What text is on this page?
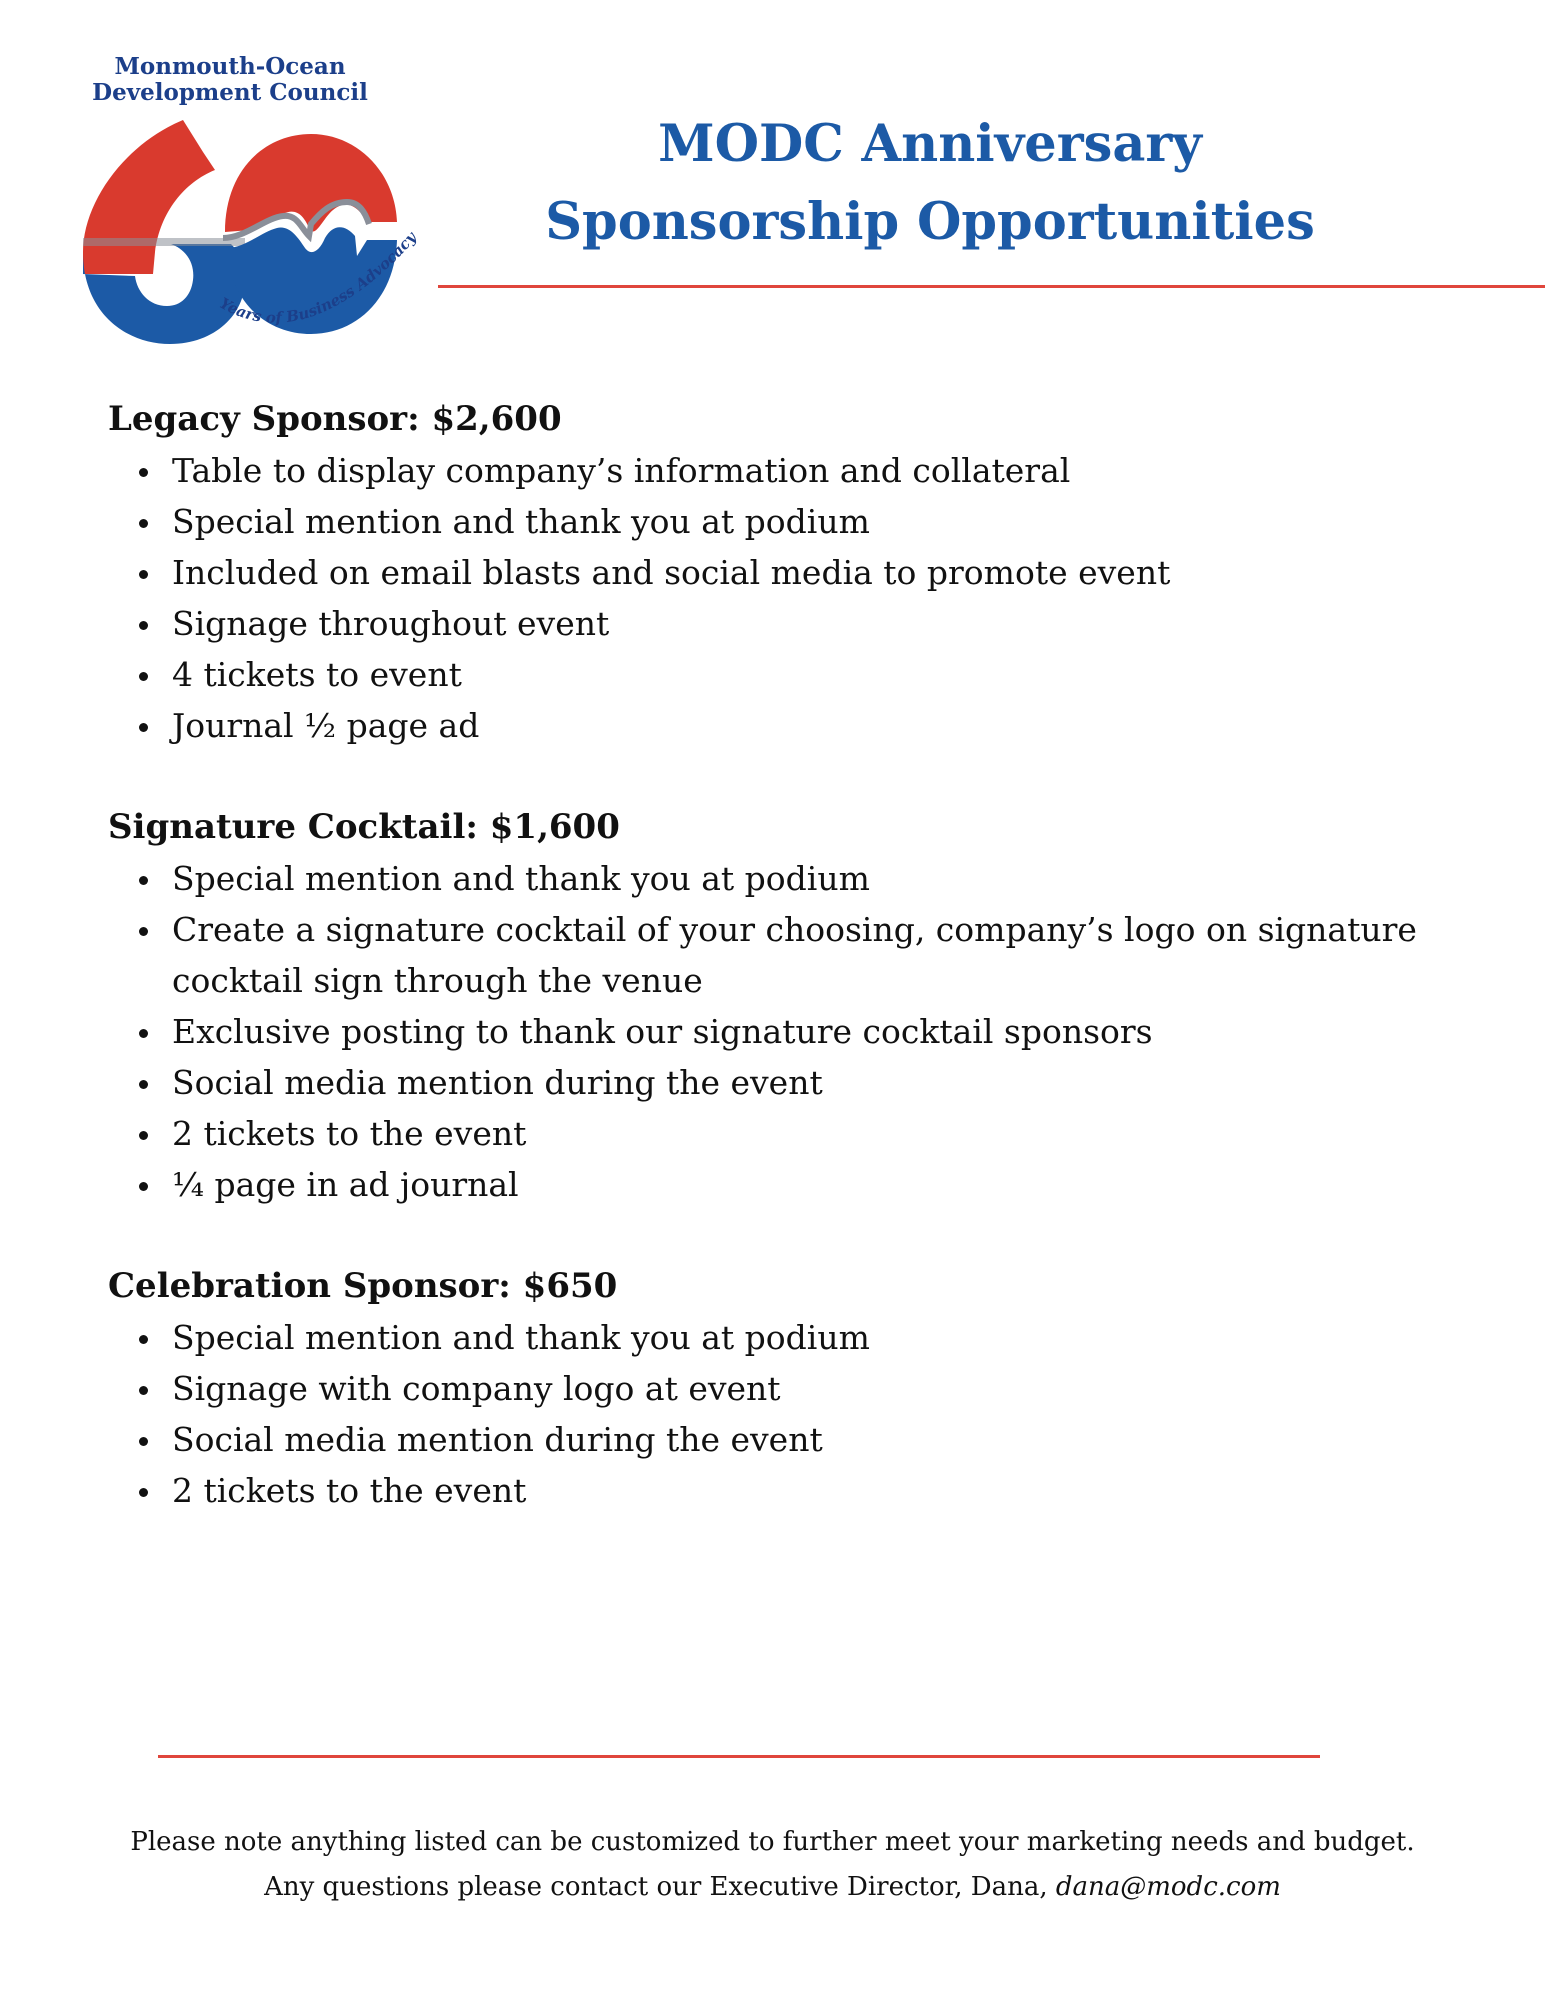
Monmouth-Ocean
Development Council
Years of Business Advocacy
MODC Anniversary
Sponsorship Opportunities
Legacy Sponsor: $2,600
Table to display company’s information and collateral
Special mention and thank you at podium
Included on email blasts and social media to promote event
Signage throughout event
4 tickets to event
Journal ½ page ad
Signature Cocktail: $1,600
Special mention and thank you at podium
Create a signature cocktail of your choosing, company’s logo on signature cocktail sign through the venue
Exclusive posting to thank our signature cocktail sponsors
Social media mention during the event
2 tickets to the event
¼ page in ad journal
Celebration Sponsor: $650
Special mention and thank you at podium
Signage with company logo at event
Social media mention during the event
2 tickets to the event
Please note anything listed can be customized to further meet your marketing needs and budget.
Any questions please contact our Executive Director, Dana, dana@modc.com
